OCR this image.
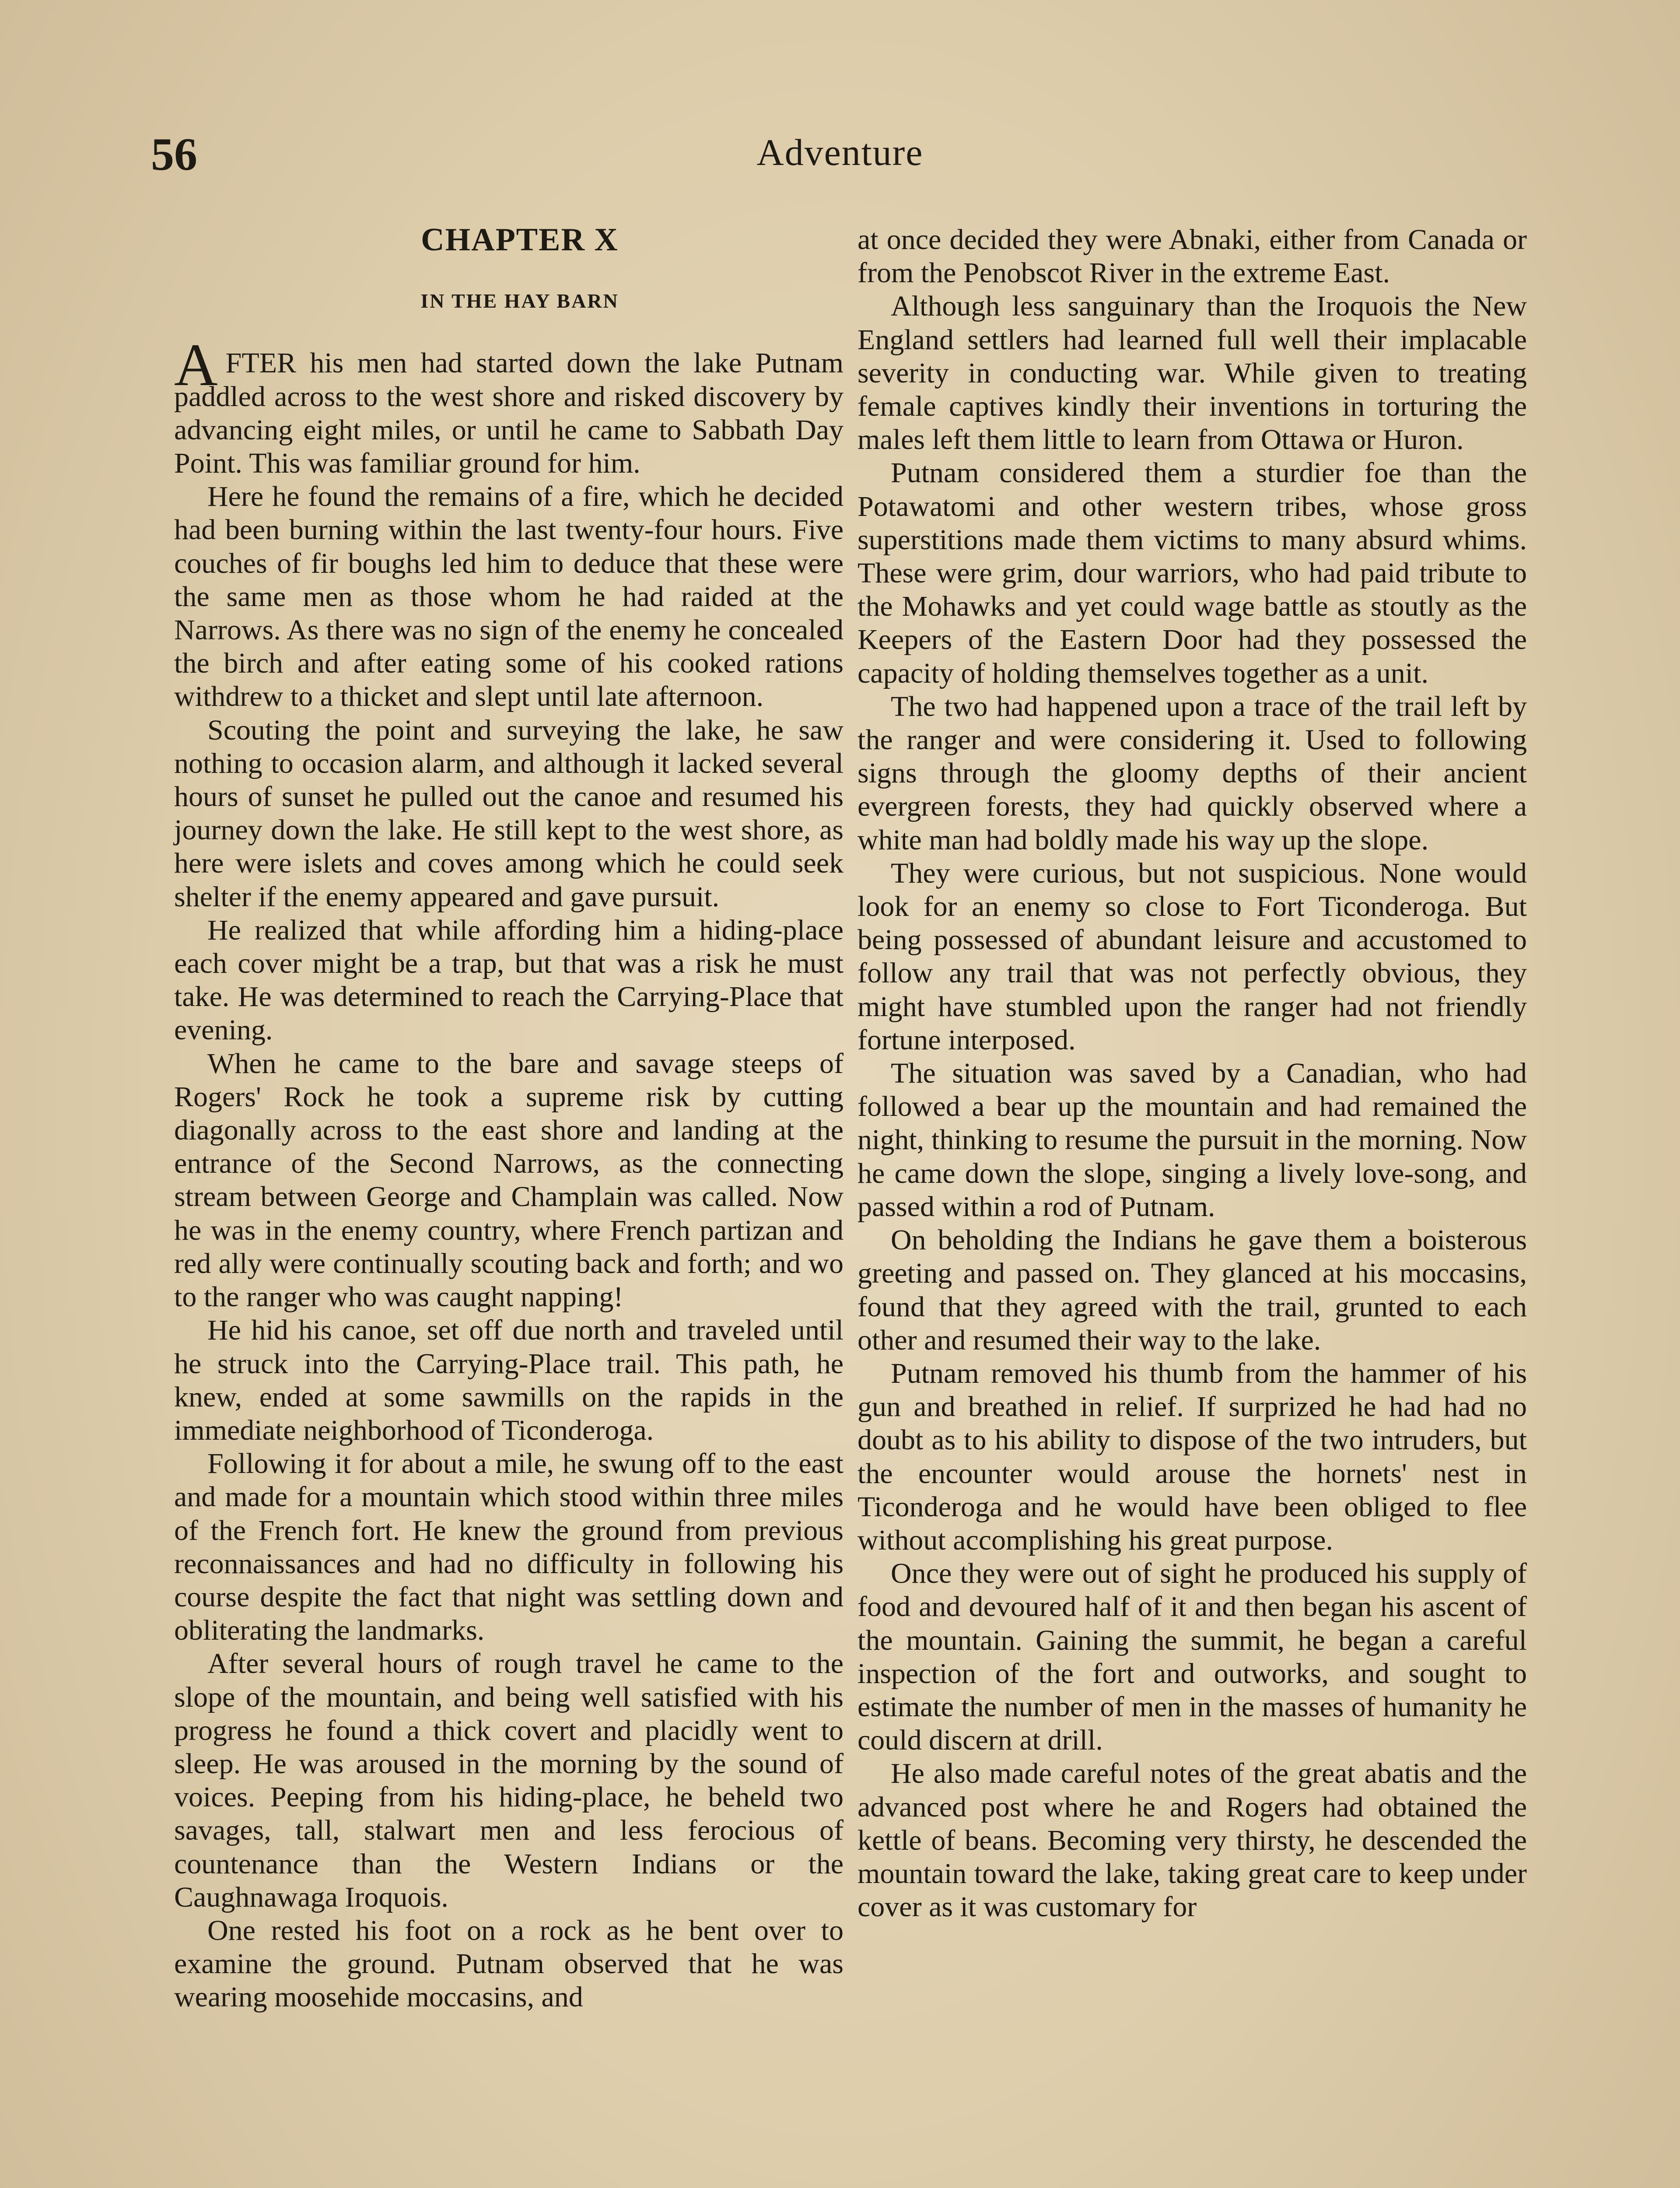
56	Adventure
CHAPTER X
IN THE HAY BARN

AFTER his men had started down the lake Putnam paddled across to the west shore and risked discovery by advancing eight miles, or until he came to Sabbath Day Point. This was familiar ground for him.

Here he found the remains of a fire, which he decided had been burning within the last twenty-four hours. Five couches of fir boughs led him to deduce that these were the same men as those whom he had raided at the Narrows. As there was no sign of the enemy he concealed the birch and after eating some of his cooked rations withdrew to a thicket and slept until late afternoon.

Scouting the point and surveying the lake, he saw nothing to occasion alarm, and although it lacked several hours of sunset he pulled out the canoe and resumed his journey down the lake. He still kept to the west shore, as here were islets and coves among which he could seek shelter if the enemy appeared and gave pursuit.

He realized that while affording him a hiding-place each cover might be a trap, but that was a risk he must take. He was determined to reach the Carrying-Place that evening.

When he came to the bare and savage steeps of Rogers' Rock he took a supreme risk by cutting diagonally across to the east shore and landing at the entrance of the Second Narrows, as the connecting stream between George and Champlain was called. Now he was in the enemy country, where French partizan and red ally were continually scouting back and forth; and wo to the ranger who was caught napping!

He hid his canoe, set off due north and traveled until he struck into the Carrying-Place trail. This path, he knew, ended at some sawmills on the rapids in the immediate neighborhood of Ticonderoga.

Following it for about a mile, he swung off to the east and made for a mountain which stood within three miles of the French fort. He knew the ground from previous reconnaissances and had no difficulty in following his course despite the fact that night was settling down and obliterating the landmarks.

After several hours of rough travel he came to the slope of the mountain, and being well satisfied with his progress he found a thick covert and placidly went to sleep. He was aroused in the morning by the sound of voices. Peeping from his hiding-place, he beheld two savages, tall, stalwart men and less ferocious of countenance than the Western Indians or the Caughnawaga Iroquois.

One rested his foot on a rock as he bent over to examine the ground. Putnam observed that he was wearing moosehide moccasins, and

at once decided they were Abnaki, either from Canada or from the Penobscot River in the extreme East.

Although less sanguinary than the Iroquois the New England settlers had learned full well their implacable severity in conducting war. While given to treating female captives kindly their inventions in torturing the males left them little to learn from Ottawa or Huron.

Putnam considered them a sturdier foe than the Potawatomi and other western tribes, whose gross superstitions made them victims to many absurd whims. These were grim, dour warriors, who had paid tribute to the Mohawks and yet could wage battle as stoutly as the Keepers of the Eastern Door had they possessed the capacity of holding themselves together as a unit.

The two had happened upon a trace of the trail left by the ranger and were considering it. Used to following signs through the gloomy depths of their ancient evergreen forests, they had quickly observed where a white man had boldly made his way up the slope.

They were curious, but not suspicious. None would look for an enemy so close to Fort Ticonderoga. But being possessed of abundant leisure and accustomed to follow any trail that was not perfectly obvious, they might have stumbled upon the ranger had not friendly fortune interposed.

The situation was saved by a Canadian, who had followed a bear up the mountain and had remained the night, thinking to resume the pursuit in the morning. Now he came down the slope, singing a lively love-song, and passed within a rod of Putnam.

On beholding the Indians he gave them a boisterous greeting and passed on. They glanced at his moccasins, found that they agreed with the trail, grunted to each other and resumed their way to the lake.

Putnam removed his thumb from the hammer of his gun and breathed in relief. If surprized he had had no doubt as to his ability to dispose of the two intruders, but the encounter would arouse the hornets' nest in Ticonderoga and he would have been obliged to flee without accomplishing his great purpose.

Once they were out of sight he produced his supply of food and devoured half of it and then began his ascent of the mountain. Gaining the summit, he began a careful inspection of the fort and outworks, and sought to estimate the number of men in the masses of humanity he could discern at drill.

He also made careful notes of the great abatis and the advanced post where he and Rogers had obtained the kettle of beans. Becoming very thirsty, he descended the mountain toward the lake, taking great care to keep under cover as it was customary for
